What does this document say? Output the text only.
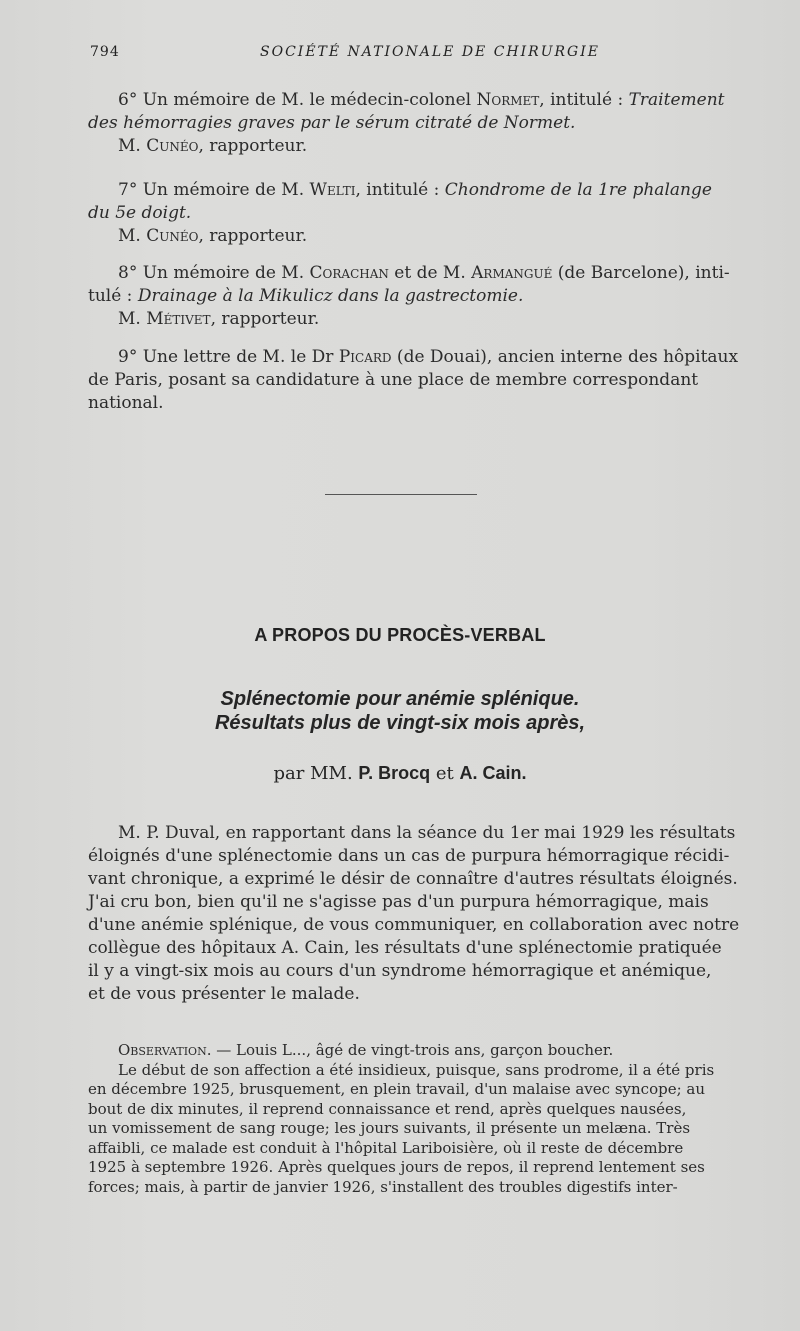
794	SOCIÉTÉ NATIONALE DE CHIRURGIE
6° Un mémoire de M. le médecin-colonel Normet, intitulé : Traitement
des hémorragies graves par le sérum citraté de Normet.
M. Cunéo, rapporteur.
7° Un mémoire de M. Welti, intitulé : Chondrome de la 1re phalange
du 5e doigt.
M. Cunéo, rapporteur.
8° Un mémoire de M. Corachan et de M. Armangué (de Barcelone), inti-
tulé : Drainage à la Mikulicz dans la gastrectomie.
M. Métivet, rapporteur.
9° Une lettre de M. le Dr Picard (de Douai), ancien interne des hôpitaux
de Paris, posant sa candidature à une place de membre correspondant
national.
A PROPOS DU PROCÈS-VERBAL
Splénectomie pour anémie splénique.
Résultats plus de vingt-six mois après,
par MM. P. Brocq et A. Cain.
M. P. Duval, en rapportant dans la séance du 1er mai 1929 les résultats
éloignés d'une splénectomie dans un cas de purpura hémorragique récidi-
vant chronique, a exprimé le désir de connaître d'autres résultats éloignés.
J'ai cru bon, bien qu'il ne s'agisse pas d'un purpura hémorragique, mais
d'une anémie splénique, de vous communiquer, en collaboration avec notre
collègue des hôpitaux A. Cain, les résultats d'une splénectomie pratiquée
il y a vingt-six mois au cours d'un syndrome hémorragique et anémique,
et de vous présenter le malade.
Observation. — Louis L..., âgé de vingt-trois ans, garçon boucher.
Le début de son affection a été insidieux, puisque, sans prodrome, il a été pris
en décembre 1925, brusquement, en plein travail, d'un malaise avec syncope; au
bout de dix minutes, il reprend connaissance et rend, après quelques nausées,
un vomissement de sang rouge; les jours suivants, il présente un melæna. Très
affaibli, ce malade est conduit à l'hôpital Lariboisière, où il reste de décembre
1925 à septembre 1926. Après quelques jours de repos, il reprend lentement ses
forces; mais, à partir de janvier 1926, s'installent des troubles digestifs inter-
